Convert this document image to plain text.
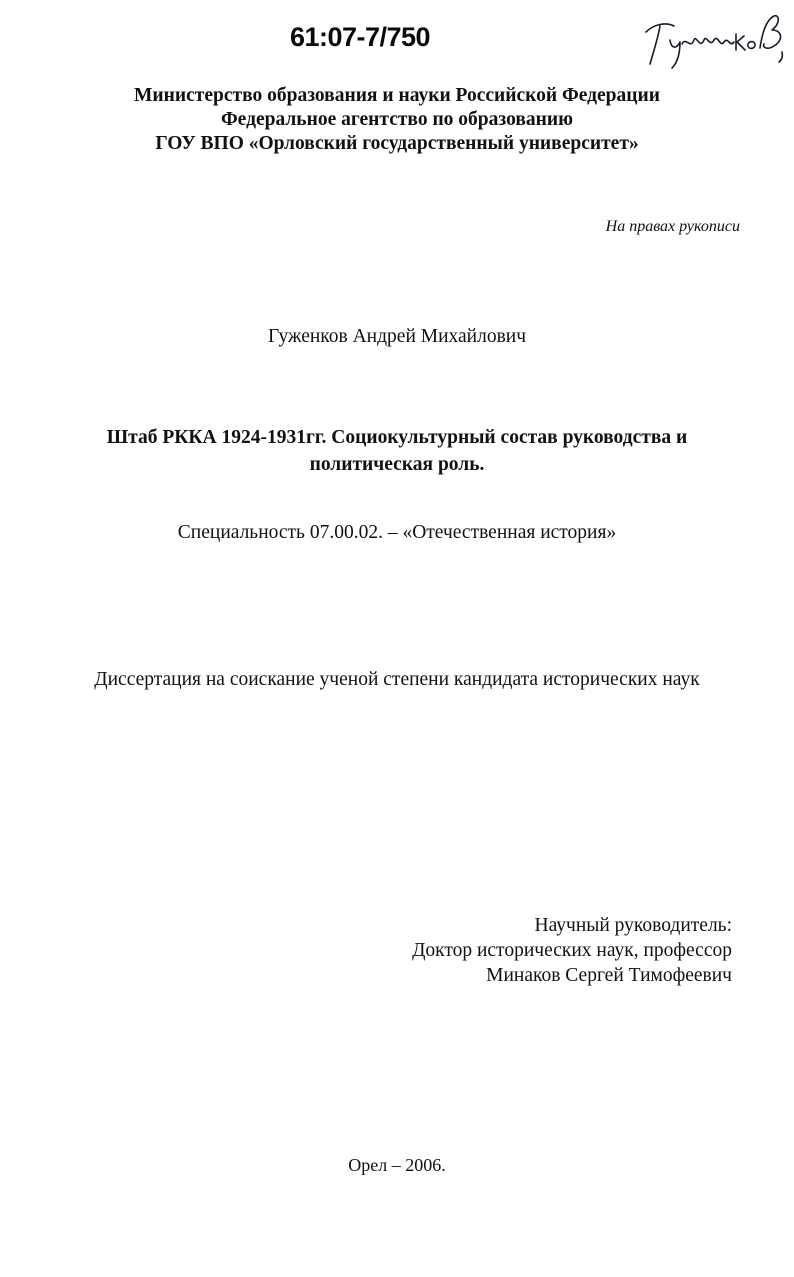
61:07-7/750
Министерство образования и науки Российской Федерации
Федеральное агентство по образованию
ГОУ ВПО «Орловский государственный университет»
На правах рукописи
Гуженков Андрей Михайлович
Штаб РККА 1924-1931гг. Социокультурный состав руководства и
политическая роль.
Специальность 07.00.02. – «Отечественная история»
Диссертация на соискание ученой степени кандидата исторических наук
Научный руководитель:
Доктор исторических наук, профессор
Минаков Сергей Тимофеевич
Орел – 2006.
